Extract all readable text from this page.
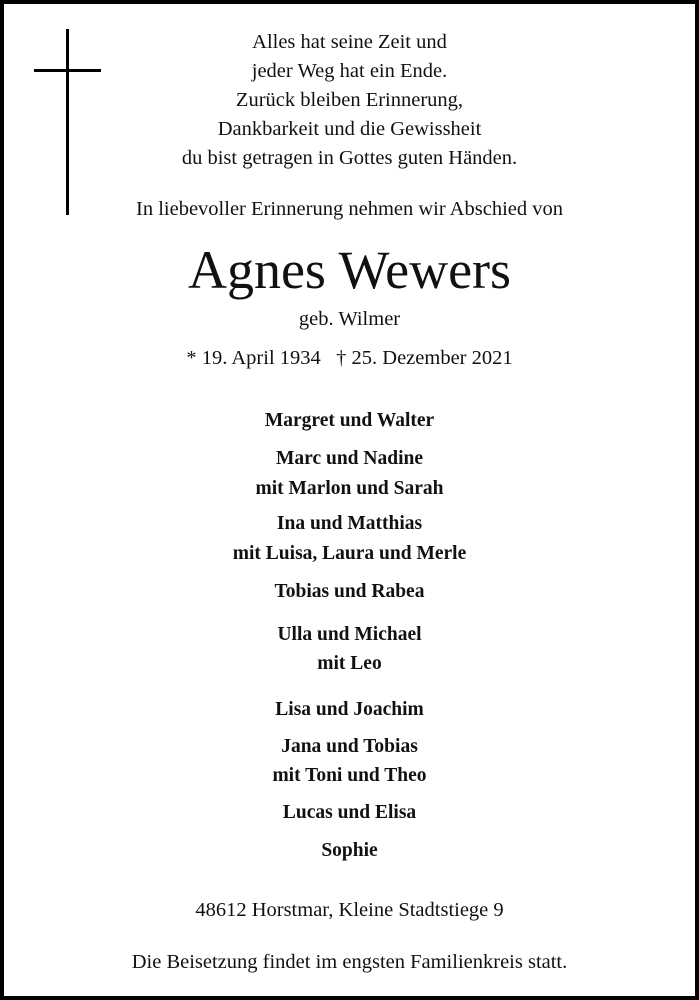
Alles hat seine Zeit und
jeder Weg hat ein Ende.
Zurück bleiben Erinnerung,
Dankbarkeit und die Gewissheit
du bist getragen in Gottes guten Händen.
In liebevoller Erinnerung nehmen wir Abschied von
Agnes Wewers
geb. Wilmer
* 19. April 1934   † 25. Dezember 2021
Margret und Walter
Marc und Nadine
mit Marlon und Sarah
Ina und Matthias
mit Luisa, Laura und Merle
Tobias und Rabea
Ulla und Michael
mit Leo
Lisa und Joachim
Jana und Tobias
mit Toni und Theo
Lucas und Elisa
Sophie
48612 Horstmar, Kleine Stadtstiege 9
Die Beisetzung findet im engsten Familienkreis statt.
